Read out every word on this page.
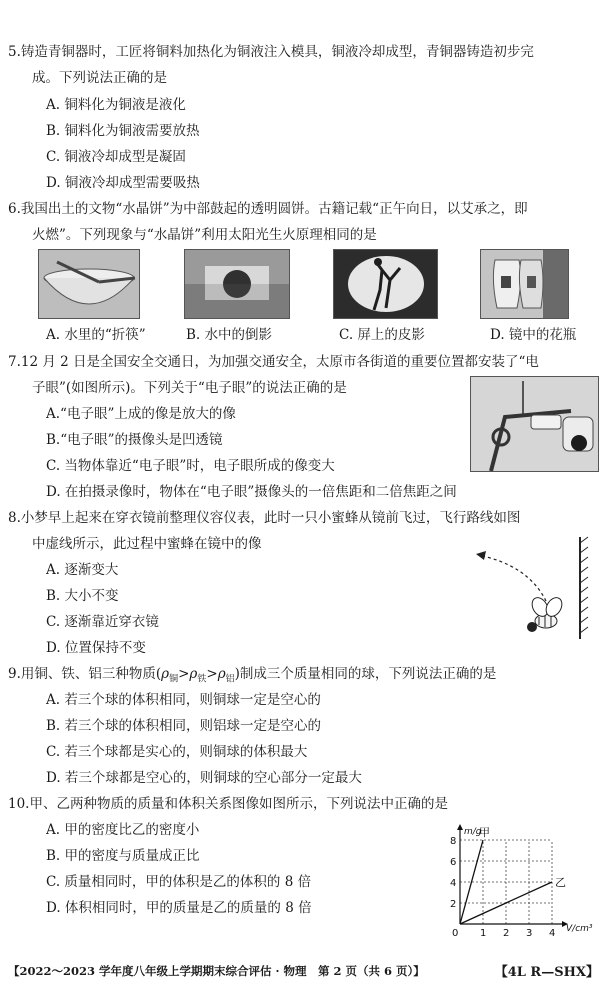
5.铸造青铜器时，工匠将铜料加热化为铜液注入模具，铜液冷却成型，青铜器铸造初步完
成。下列说法正确的是
A. 铜料化为铜液是液化
B. 铜料化为铜液需要放热
C. 铜液冷却成型是凝固
D. 铜液冷却成型需要吸热
6.我国出土的文物“水晶饼”为中部鼓起的透明圆饼。古籍记载“正午向日，以艾承之，即
火燃”。下列现象与“水晶饼”利用太阳光生火原理相同的是
A. 水里的“折筷”	B. 水中的倒影	C. 屏上的皮影	D. 镜中的花瓶
7.12 月 2 日是全国安全交通日，为加强交通安全，太原市各街道的重要位置都安装了“电
子眼”(如图所示)。下列关于“电子眼”的说法正确的是
A.“电子眼”上成的像是放大的像
B.“电子眼”的摄像头是凹透镜
C. 当物体靠近“电子眼”时，电子眼所成的像变大
D. 在拍摄录像时，物体在“电子眼”摄像头的一倍焦距和二倍焦距之间
8.小梦早上起来在穿衣镜前整理仪容仪表，此时一只小蜜蜂从镜前飞过，飞行路线如图
中虚线所示，此过程中蜜蜂在镜中的像
A. 逐渐变大
B. 大小不变
C. 逐渐靠近穿衣镜
D. 位置保持不变
9.用铜、铁、铝三种物质$(\rho_铜>\rho_铁>\rho_铝)$制成三个质量相同的球，下列说法正确的是
A. 若三个球的体积相同，则铜球一定是空心的
B. 若三个球的体积相同，则铝球一定是空心的
C. 若三个球都是实心的，则铜球的体积最大
D. 若三个球都是空心的，则铜球的空心部分一定最大
10.甲、乙两种物质的质量和体积关系图像如图所示，下列说法中正确的是
A. 甲的密度比乙的密度小
B. 甲的密度与质量成正比
C. 质量相同时，甲的体积是乙的体积的 8 倍
D. 体积相同时，甲的质量是乙的质量的 8 倍
0 1 2 3 4
2
4
6
8
m/g
V/cm³
甲
乙
【2022～2023 学年度八年级上学期期末综合评估 · 物理　第 2 页（共 6 页）】	【4L R—SHX】
